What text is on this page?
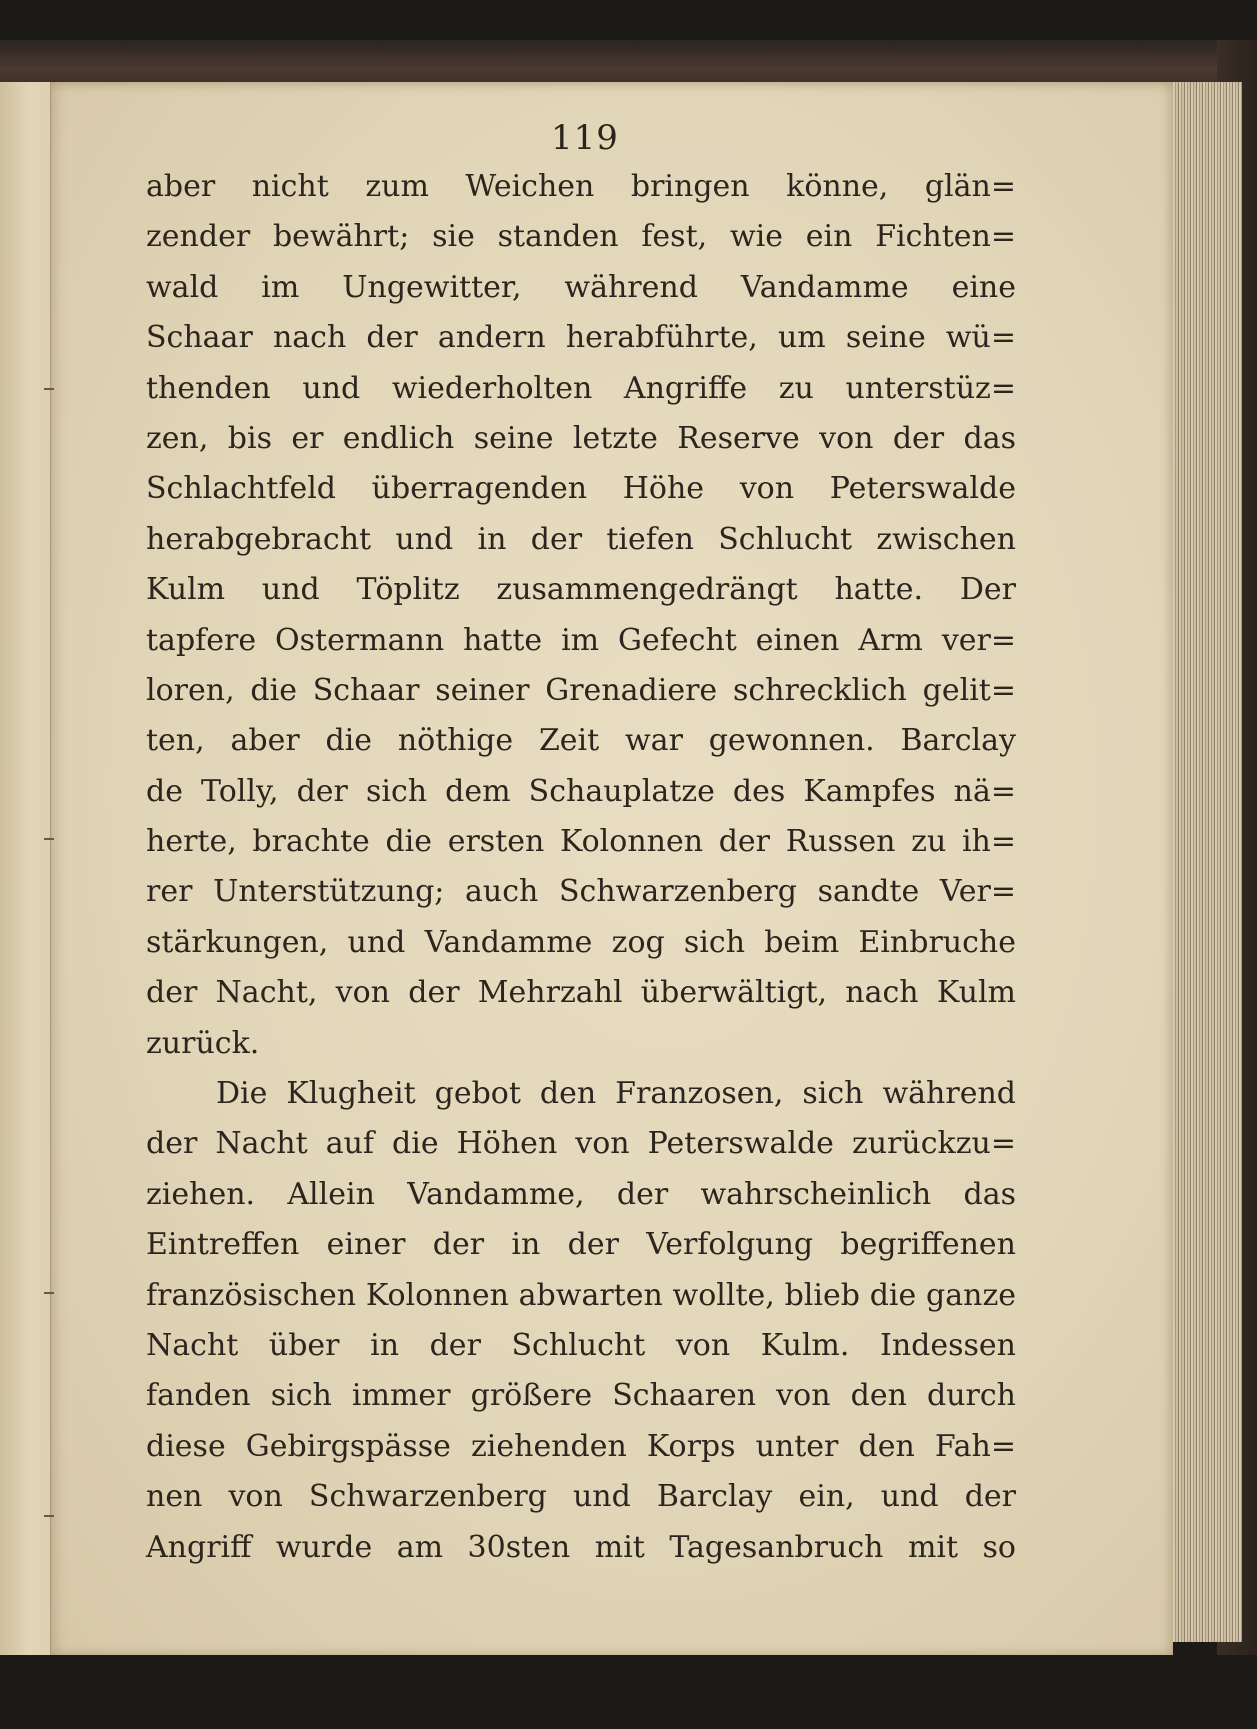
119

aber nicht zum Weichen bringen könne, glän=
zender bewährt; sie standen fest, wie ein Fichten=
wald im Ungewitter, während Vandamme eine
Schaar nach der andern herabführte, um seine wü=
thenden und wiederholten Angriffe zu unterstüz=
zen, bis er endlich seine letzte Reserve von der das
Schlachtfeld überragenden Höhe von Peterswalde
herabgebracht und in der tiefen Schlucht zwischen
Kulm und Töplitz zusammengedrängt hatte. Der
tapfere Ostermann hatte im Gefecht einen Arm ver=
loren, die Schaar seiner Grenadiere schrecklich gelit=
ten, aber die nöthige Zeit war gewonnen. Barclay
de Tolly, der sich dem Schauplatze des Kampfes nä=
herte, brachte die ersten Kolonnen der Russen zu ih=
rer Unterstützung; auch Schwarzenberg sandte Ver=
stärkungen, und Vandamme zog sich beim Einbruche
der Nacht, von der Mehrzahl überwältigt, nach Kulm
zurück.
Die Klugheit gebot den Franzosen, sich während
der Nacht auf die Höhen von Peterswalde zurückzu=
ziehen. Allein Vandamme, der wahrscheinlich das
Eintreffen einer der in der Verfolgung begriffenen
französischen Kolonnen abwarten wollte, blieb die ganze
Nacht über in der Schlucht von Kulm. Indessen
fanden sich immer größere Schaaren von den durch
diese Gebirgspässe ziehenden Korps unter den Fah=
nen von Schwarzenberg und Barclay ein, und der
Angriff wurde am 30sten mit Tagesanbruch mit so
